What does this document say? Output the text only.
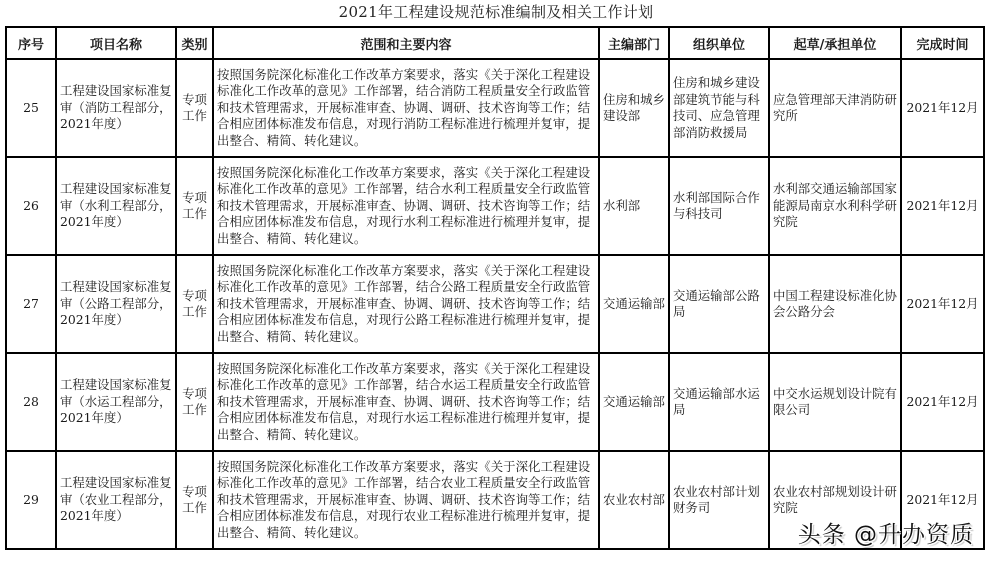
2021年工程建设规范标准编制及相关工作计划
序号	项目名称	类别	范围和主要内容	主编部门	组织单位	起草/承担单位	完成时间
25	工程建设国家标准复审（消防工程部分，2021年度）	专项工作	按照国务院深化标准化工作改革方案要求，落实《关于深化工程建设标准化工作改革的意见》工作部署，结合消防工程质量安全行政监管和技术管理需求，开展标准审查、协调、调研、技术咨询等工作；结合相应团体标准发布信息，对现行消防工程标准进行梳理并复审，提出整合、精简、转化建议。	住房和城乡建设部	住房和城乡建设部建筑节能与科技司、应急管理部消防救援局	应急管理部天津消防研究所	2021年12月
26	工程建设国家标准复审（水利工程部分，2021年度）	专项工作	按照国务院深化标准化工作改革方案要求，落实《关于深化工程建设标准化工作改革的意见》工作部署，结合水利工程质量安全行政监管和技术管理需求，开展标准审查、协调、调研、技术咨询等工作；结合相应团体标准发布信息，对现行水利工程标准进行梳理并复审，提出整合、精简、转化建议。	水利部	水利部国际合作与科技司	水利部交通运输部国家能源局南京水利科学研究院	2021年12月
27	工程建设国家标准复审（公路工程部分，2021年度）	专项工作	按照国务院深化标准化工作改革方案要求，落实《关于深化工程建设标准化工作改革的意见》工作部署，结合公路工程质量安全行政监管和技术管理需求，开展标准审查、协调、调研、技术咨询等工作；结合相应团体标准发布信息，对现行公路工程标准进行梳理并复审，提出整合、精简、转化建议。	交通运输部	交通运输部公路局	中国工程建设标准化协会公路分会	2021年12月
28	工程建设国家标准复审（水运工程部分，2021年度）	专项工作	按照国务院深化标准化工作改革方案要求，落实《关于深化工程建设标准化工作改革的意见》工作部署，结合水运工程质量安全行政监管和技术管理需求，开展标准审查、协调、调研、技术咨询等工作；结合相应团体标准发布信息，对现行水运工程标准进行梳理并复审，提出整合、精简、转化建议。	交通运输部	交通运输部水运局	中交水运规划设计院有限公司	2021年12月
29	工程建设国家标准复审（农业工程部分，2021年度）	专项工作	按照国务院深化标准化工作改革方案要求，落实《关于深化工程建设标准化工作改革的意见》工作部署，结合农业工程质量安全行政监管和技术管理需求，开展标准审查、协调、调研、技术咨询等工作；结合相应团体标准发布信息，对现行农业工程标准进行梳理并复审，提出整合、精简、转化建议。	农业农村部	农业农村部计划财务司	农业农村部规划设计研究院	2021年12月
头条 @升办资质
